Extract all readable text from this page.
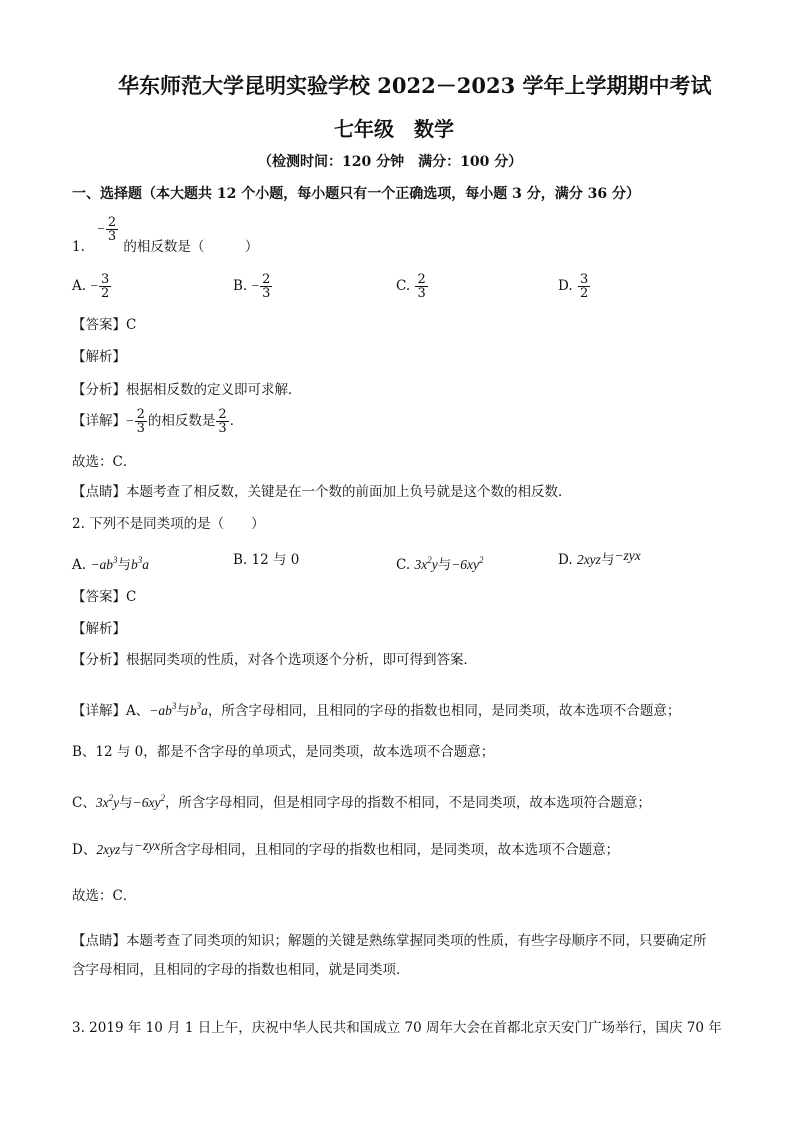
华东师范大学昆明实验学校 2022－2023 学年上学期期中考试
七年级　数学
（检测时间：120 分钟　满分：100 分）
一、选择题（本大题共 12 个小题，每小题只有一个正确选项，每小题 3 分，满分 36 分）
1. − $\frac{2}{3}$
的相反数是（　　　）
A. − $\frac{3}{2}$	B. − $\frac{2}{3}$	C. $\frac{2}{3}$	D. $\frac{3}{2}$
【答案】C
【解析】
【分析】根据相反数的定义即可求解．
【详解】− $\frac{2}{3}$ 的相反数是 $\frac{2}{3}$ ．
故选：C．
【点睛】本题考查了相反数，关键是在一个数的前面加上负号就是这个数的相反数．
2. 下列不是同类项的是（　　）
A. $-ab^3$与$b^3a$	B. 12 与 0	C. $3x^2y$与$-6xy^2$	D. 2xyz与−zyx
【答案】C
【解析】
【分析】根据同类项的性质，对各个选项逐个分析，即可得到答案．
【详解】A、$-ab^3$与$b^3a$，所含字母相同，且相同的字母的指数也相同，是同类项，故本选项不合题意；
B、12 与 0，都是不含字母的单项式，是同类项，故本选项不合题意；
C、$3x^2y$与$-6xy^2$，所含字母相同，但是相同字母的指数不相同，不是同类项，故本选项符合题意；
D、2xyz与−zyx所含字母相同，且相同的字母的指数也相同，是同类项，故本选项不合题意；
故选：C．
【点睛】本题考查了同类项的知识；解题的关键是熟练掌握同类项的性质，有些字母顺序不同，只要确定所含字母相同，且相同的字母的指数也相同，就是同类项．
3. 2019 年 10 月 1 日上午，庆祝中华人民共和国成立 70 周年大会在首都北京天安门广场举行，国庆 70 年
